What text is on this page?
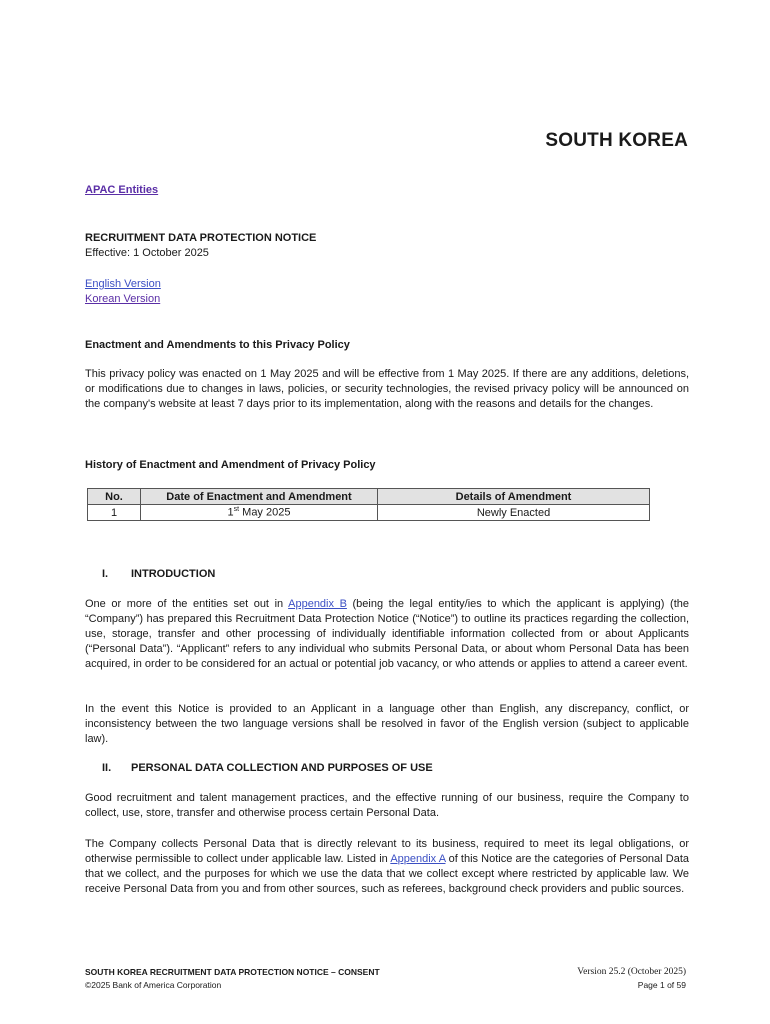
SOUTH KOREA
APAC Entities
RECRUITMENT DATA PROTECTION NOTICE
Effective: 1 October 2025
English Version
Korean Version
Enactment and Amendments to this Privacy Policy
This privacy policy was enacted on 1 May 2025 and will be effective from 1 May 2025. If there are any additions, deletions, or modifications due to changes in laws, policies, or security technologies, the revised privacy policy will be announced on the company's website at least 7 days prior to its implementation, along with the reasons and details for the changes.
History of Enactment and Amendment of Privacy Policy
No.	Date of Enactment and Amendment	Details of Amendment
1	1st May 2025	Newly Enacted
I. INTRODUCTION
One or more of the entities set out in Appendix B (being the legal entity/ies to which the applicant is applying) (the “Company”) has prepared this Recruitment Data Protection Notice (“Notice”) to outline its practices regarding the collection, use, storage, transfer and other processing of individually identifiable information collected from or about Applicants (“Personal Data”). “Applicant” refers to any individual who submits Personal Data, or about whom Personal Data has been acquired, in order to be considered for an actual or potential job vacancy, or who attends or applies to attend a career event.
In the event this Notice is provided to an Applicant in a language other than English, any discrepancy, conflict, or inconsistency between the two language versions shall be resolved in favor of the English version (subject to applicable law).
II. PERSONAL DATA COLLECTION AND PURPOSES OF USE
Good recruitment and talent management practices, and the effective running of our business, require the Company to collect, use, store, transfer and otherwise process certain Personal Data.
The Company collects Personal Data that is directly relevant to its business, required to meet its legal obligations, or otherwise permissible to collect under applicable law. Listed in Appendix A of this Notice are the categories of Personal Data that we collect, and the purposes for which we use the data that we collect except where restricted by applicable law. We receive Personal Data from you and from other sources, such as referees, background check providers and public sources.
SOUTH KOREA RECRUITMENT DATA PROTECTION NOTICE – CONSENT
©2025 Bank of America Corporation
Version 25.2 (October 2025)
Page 1 of 59
